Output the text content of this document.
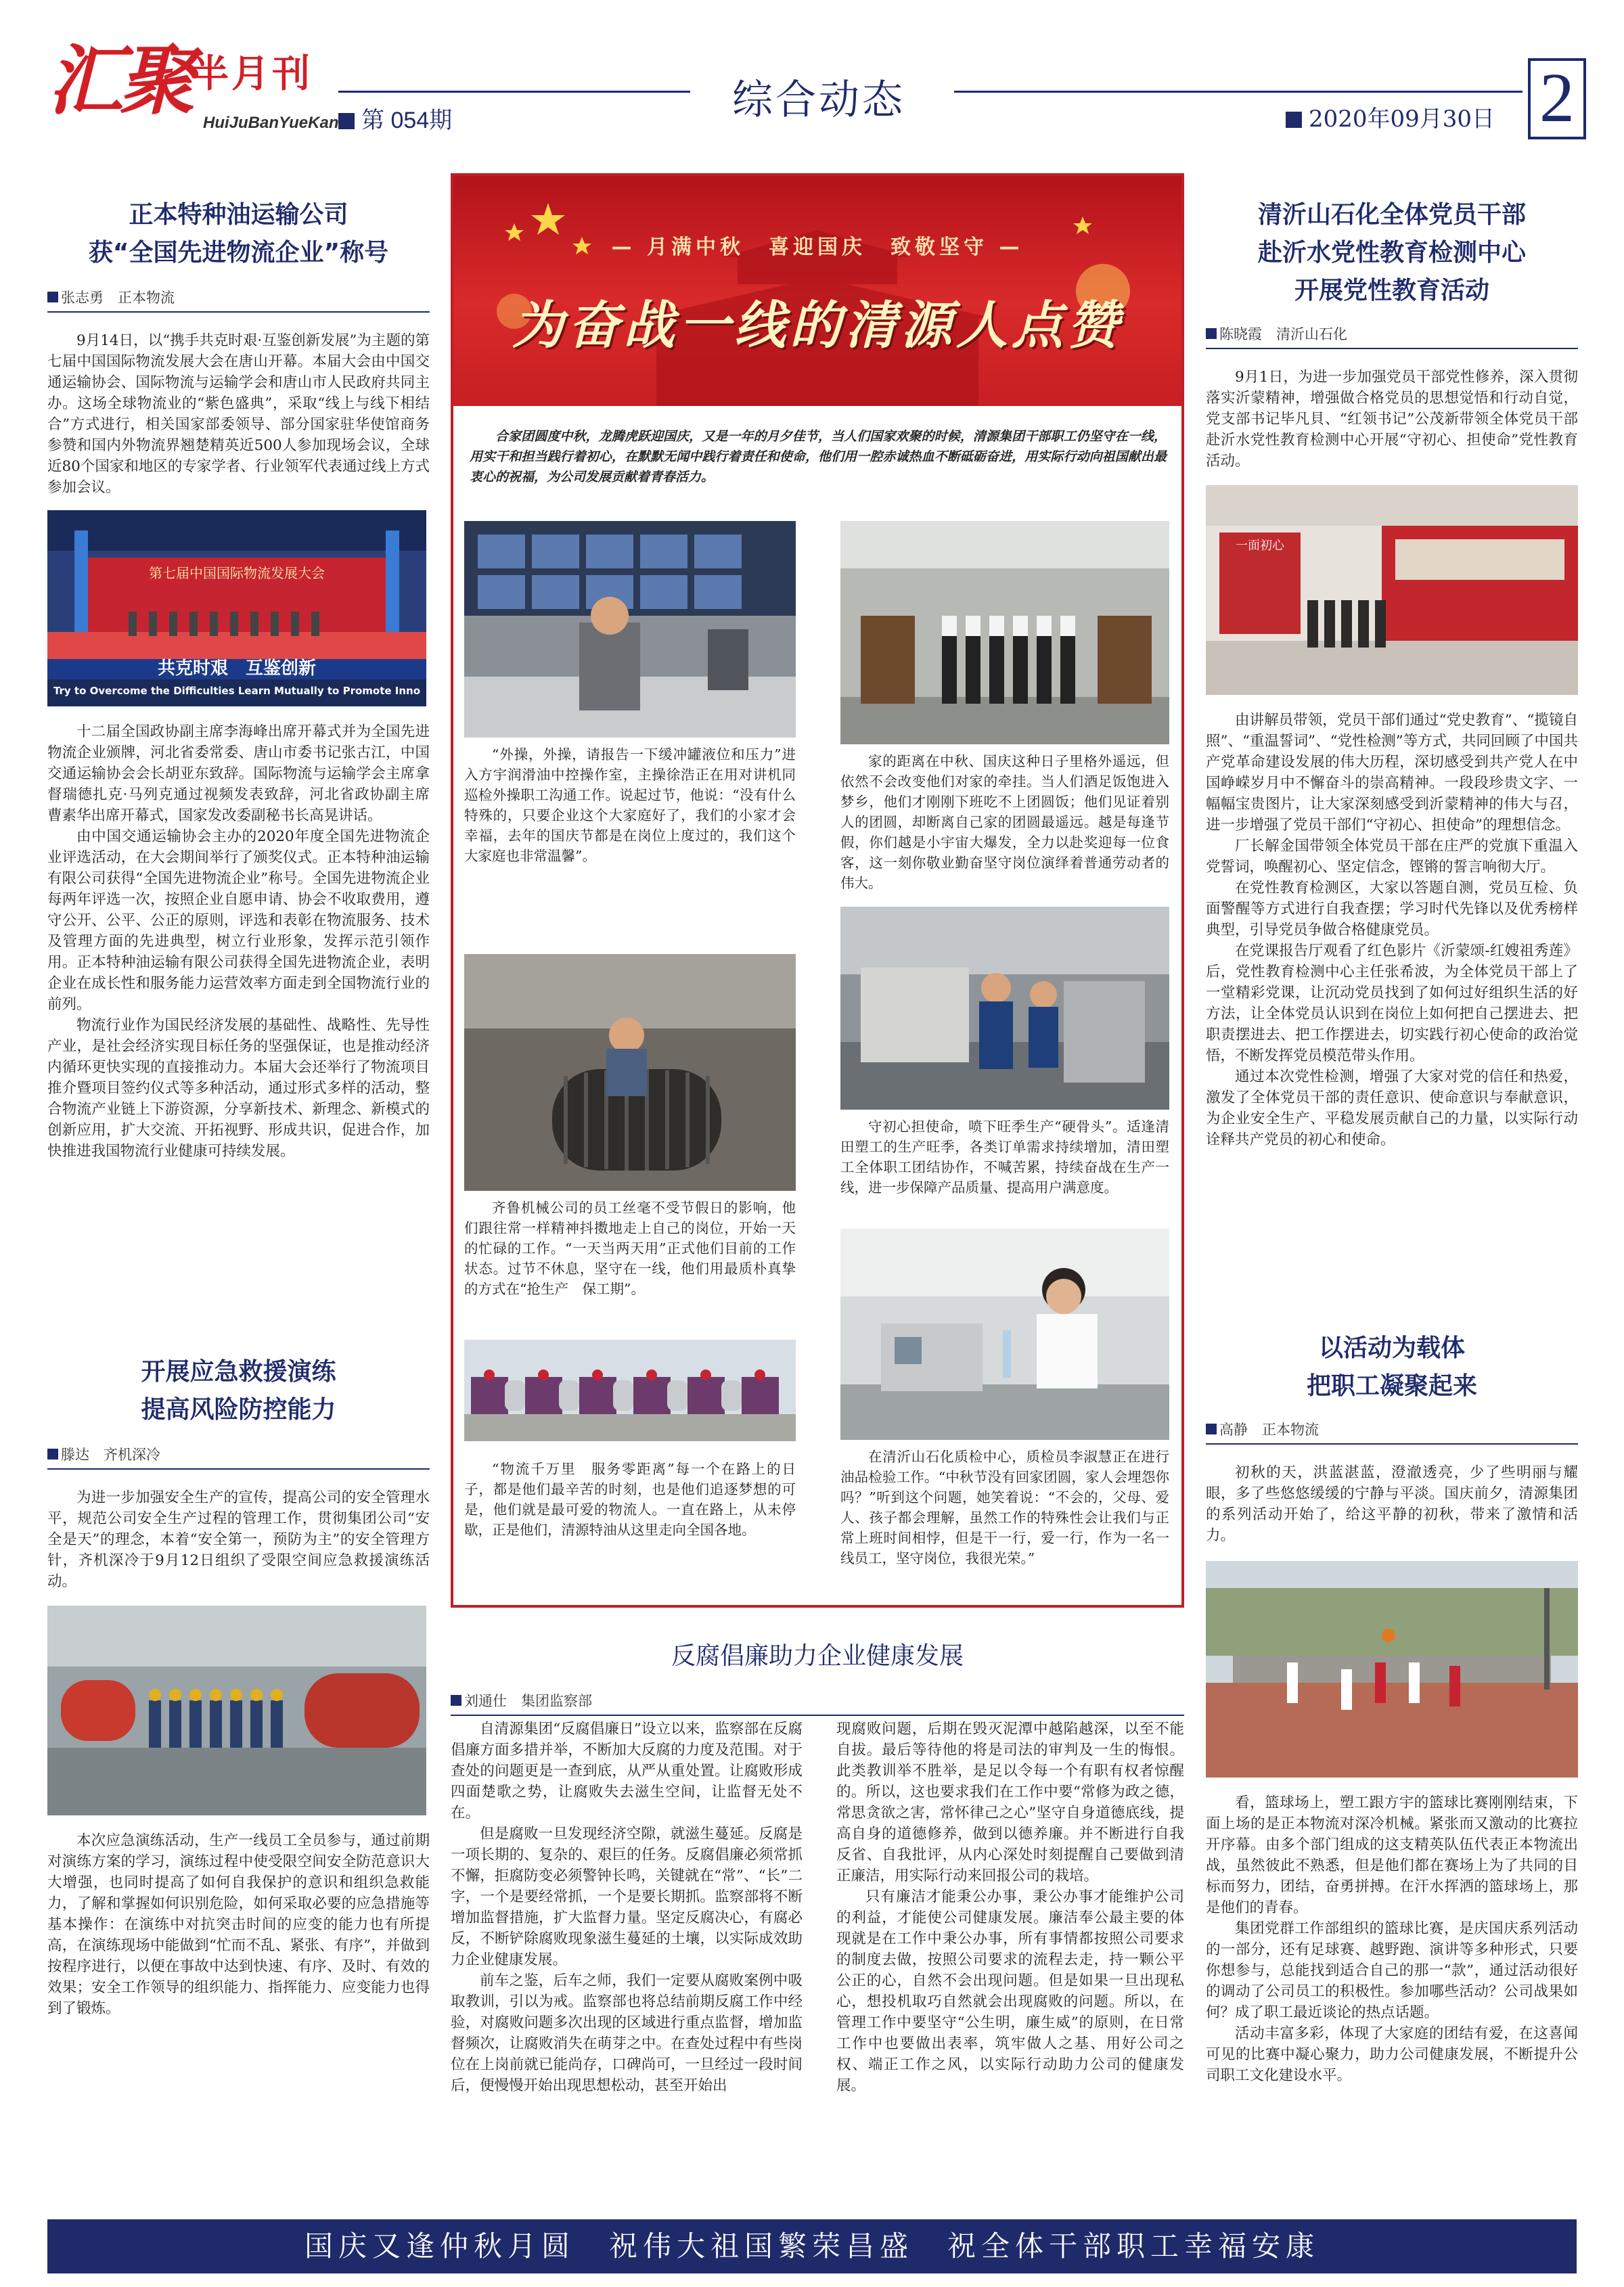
汇聚$^{半月刊}$
HuiJuBanYueKan 第 054期	综合动态	2020年09月30日 2
正本特种油运输公司
获“全国先进物流企业”称号
张志勇　正本物流
9月14日，以“携手共克时艰·互鉴创新发展”为主题的第七届中国国际物流发展大会在唐山开幕。本届大会由中国交通运输协会、国际物流与运输学会和唐山市人民政府共同主办。这场全球物流业的“紫色盛典”，采取“线上与线下相结合”方式进行，相关国家部委领导、部分国家驻华使馆商务参赞和国内外物流界翘楚精英近500人参加现场会议，全球近80个国家和地区的专家学者、行业领军代表通过线上方式参加会议。
第七届中国国际物流发展大会
共克时艰　互鉴创新
Try to Overcome the Difficulties Learn Mutually to Promote Inno
十二届全国政协副主席李海峰出席开幕式并为全国先进物流企业颁牌，河北省委常委、唐山市委书记张古江，中国交通运输协会会长胡亚东致辞。国际物流与运输学会主席拿督瑞德扎克·马列克通过视频发表致辞，河北省政协副主席曹素华出席开幕式，国家发改委副秘书长高晃讲话。
由中国交通运输协会主办的2020年度全国先进物流企业评选活动，在大会期间举行了颁奖仪式。正本特种油运输有限公司获得“全国先进物流企业”称号。全国先进物流企业每两年评选一次，按照企业自愿申请、协会不收取费用，遵守公开、公平、公正的原则，评选和表彰在物流服务、技术及管理方面的先进典型，树立行业形象，发挥示范引领作用。正本特种油运输有限公司获得全国先进物流企业，表明企业在成长性和服务能力运营效率方面走到全国物流行业的前列。
物流行业作为国民经济发展的基础性、战略性、先导性产业，是社会经济实现目标任务的坚强保证，也是推动经济内循环更快实现的直接推动力。本届大会还举行了物流项目推介暨项目签约仪式等多种活动，通过形式多样的活动，整合物流产业链上下游资源，分享新技术、新理念、新模式的创新应用，扩大交流、开拓视野、形成共识，促进合作，加快推进我国物流行业健康可持续发展。
开展应急救援演练
提高风险防控能力
滕达　齐机深冷
为进一步加强安全生产的宣传，提高公司的安全管理水平，规范公司安全生产过程的管理工作，贯彻集团公司“安全是天”的理念，本着“安全第一，预防为主”的安全管理方针，齐机深冷于9月12日组织了受限空间应急救援演练活动。
本次应急演练活动，生产一线员工全员参与，通过前期对演练方案的学习，演练过程中使受限空间安全防范意识大大增强，也同时提高了如何自我保护的意识和组织急救能力，了解和掌握如何识别危险，如何采取必要的应急措施等基本操作：在演练中对抗突击时间的应变的能力也有所提高，在演练现场中能做到“忙而不乱、紧张、有序”，并做到按程序进行，以便在事故中达到快速、有序、及时、有效的效果；安全工作领导的组织能力、指挥能力、应变能力也得到了锻炼。
— 月满中秋　喜迎国庆　致敬坚守 —
为奋战一线的清源人点赞
合家团圆度中秋，龙腾虎跃迎国庆，又是一年的月夕佳节，当人们国家欢聚的时候，清源集团干部职工仍坚守在一线，用实干和担当践行着初心，在默默无闻中践行着责任和使命，他们用一腔赤诚热血不断砥砺奋进，用实际行动向祖国献出最衷心的祝福，为公司发展贡献着青春活力。
“外操，外操，请报告一下缓冲罐液位和压力”进入方宇润滑油中控操作室，主操徐浩正在用对讲机同巡检外操职工沟通工作。说起过节，他说：“没有什么特殊的，只要企业这个大家庭好了，我们的小家才会幸福，去年的国庆节都是在岗位上度过的，我们这个大家庭也非常温馨”。
家的距离在中秋、国庆这种日子里格外遥远，但依然不会改变他们对家的牵挂。当人们酒足饭饱进入梦乡，他们才刚刚下班吃不上团圆饭；他们见证着别人的团圆，却断离自己家的团圆最遥远。越是每逢节假，你们越是小宇宙大爆发，全力以赴奖迎每一位食客，这一刻你敬业勤奋坚守岗位演绎着普通劳动者的伟大。
齐鲁机械公司的员工丝毫不受节假日的影响，他们跟往常一样精神抖擞地走上自己的岗位，开始一天的忙碌的工作。“一天当两天用”正式他们目前的工作状态。过节不休息，坚守在一线，他们用最质朴真挚的方式在“抢生产　保工期”。
守初心担使命，喷下旺季生产“硬骨头”。适逢清田塑工的生产旺季，各类订单需求持续增加，清田塑工全体职工团结协作，不喊苦累，持续奋战在生产一线，进一步保障产品质量、提高用户满意度。
“物流千万里　服务零距离”每一个在路上的日子，都是他们最辛苦的时刻，也是他们追逐梦想的可是，他们就是最可爱的物流人。一直在路上，从未停歇，正是他们，清源特油从这里走向全国各地。
在清沂山石化质检中心，质检员李淑慧正在进行油品检验工作。“中秋节没有回家团圆，家人会埋怨你吗？”听到这个问题，她笑着说：“不会的，父母、爱人、孩子都会理解，虽然工作的特殊性会让我们与正常上班时间相悖，但是干一行，爱一行，作为一名一线员工，坚守岗位，我很光荣。”
反腐倡廉助力企业健康发展
刘通仕　集团监察部
自清源集团“反腐倡廉日”设立以来，监察部在反腐倡廉方面多措并举，不断加大反腐的力度及范围。对于查处的问题更是一查到底，从严从重处置。让腐败形成四面楚歌之势，让腐败失去滋生空间，让监督无处不在。
但是腐败一旦发现经济空隙，就滋生蔓延。反腐是一项长期的、复杂的、艰巨的任务。反腐倡廉必须常抓不懈，拒腐防变必须警钟长鸣，关键就在“常”、“长”二字，一个是要经常抓，一个是要长期抓。监察部将不断增加监督措施，扩大监督力量。坚定反腐决心，有腐必反，不断铲除腐败现象滋生蔓延的土壤，以实际成效助力企业健康发展。
前车之鉴，后车之师，我们一定要从腐败案例中吸取教训，引以为戒。监察部也将总结前期反腐工作中经验，对腐败问题多次出现的区域进行重点监督，增加监督频次，让腐败消失在萌芽之中。在查处过程中有些岗位在上岗前就已能尚存，口碑尚可，一旦经过一段时间后，便慢慢开始出现思想松动，甚至开始出
现腐败问题，后期在毁灭泥潭中越陷越深，以至不能自拔。最后等待他的将是司法的审判及一生的悔恨。此类教训举不胜举，是足以令每一个有职有权者惊醒的。所以，这也要求我们在工作中要“常修为政之德，常思贪欲之害，常怀律己之心”坚守自身道德底线，提高自身的道德修养，做到以德养廉。并不断进行自我反省、自我批评，从内心深处时刻提醒自己要做到清正廉洁，用实际行动来回报公司的栽培。
只有廉洁才能秉公办事，秉公办事才能维护公司的利益，才能使公司健康发展。廉洁奉公最主要的体现就是在工作中秉公办事，所有事情都按照公司要求的制度去做，按照公司要求的流程去走，持一颗公平公正的心，自然不会出现问题。但是如果一旦出现私心，想投机取巧自然就会出现腐败的问题。所以，在管理工作中要坚守“公生明，廉生威”的原则，在日常工作中也要做出表率，筑牢做人之基、用好公司之权、端正工作之风，以实际行动助力公司的健康发展。
清沂山石化全体党员干部
赴沂水党性教育检测中心
开展党性教育活动
陈晓霞　清沂山石化
9月1日，为进一步加强党员干部党性修养，深入贯彻落实沂蒙精神，增强做合格党员的思想觉悟和行动自觉，党支部书记毕凡貝、“红领书记”公茂新带领全体党员干部赴沂水党性教育检测中心开展“守初心、担使命”党性教育活动。
一面初心
由讲解员带领，党员干部们通过“党史教育”、“揽镜自照”、“重温誓词”、“党性检测”等方式，共同回顾了中国共产党革命建设发展的伟大历程，深切感受到共产党人在中国峥嵘岁月中不懈奋斗的崇高精神。一段段珍贵文字、一幅幅宝贵图片，让大家深刻感受到沂蒙精神的伟大与召，进一步增强了党员干部们“守初心、担使命”的理想信念。
厂长解金国带领全体党员干部在庄严的党旗下重温入党誓词，唤醒初心、坚定信念，铿锵的誓言响彻大厅。
在党性教育检测区，大家以答题自测，党员互检、负面警醒等方式进行自我查摆；学习时代先锋以及优秀榜样典型，引导党员争做合格健康党员。
在党课报告厅观看了红色影片《沂蒙颂-红嫂祖秀莲》后，党性教育检测中心主任张希波，为全体党员干部上了一堂精彩党课，让沉动党员找到了如何过好组织生活的好方法，让全体党员认识到在岗位上如何把自己摆进去、把职责摆进去、把工作摆进去，切实践行初心使命的政治觉悟，不断发挥党员模范带头作用。
通过本次党性检测，增强了大家对党的信任和热爱，激发了全体党员干部的责任意识、使命意识与奉献意识，为企业安全生产、平稳发展贡献自己的力量，以实际行动诠释共产党员的初心和使命。
以活动为载体
把职工凝聚起来
高静　正本物流
初秋的天，洪蓝湛蓝，澄澈透亮，少了些明丽与耀眼，多了些悠悠缓缓的宁静与平淡。国庆前夕，清源集团的系列活动开始了，给这平静的初秋，带来了激情和活力。
看，篮球场上，塑工跟方宇的篮球比赛刚刚结束，下面上场的是正本物流对深冷机械。紧张而又激动的比赛拉开序幕。由多个部门组成的这支精英队伍代表正本物流出战，虽然彼此不熟悉，但是他们都在赛场上为了共同的目标而努力，团结，奋勇拼搏。在汗水挥洒的篮球场上，那是他们的青春。
集团党群工作部组织的篮球比赛，是庆国庆系列活动的一部分，还有足球赛、越野跑、演讲等多种形式，只要你想参与，总能找到适合自己的那一“款”，通过活动很好的调动了公司员工的积极性。参加哪些活动？公司战果如何？成了职工最近谈论的热点话题。
活动丰富多彩，体现了大家庭的团结有爱，在这喜闻可见的比赛中凝心聚力，助力公司健康发展，不断提升公司职工文化建设水平。
国庆又逢仲秋月圆　祝伟大祖国繁荣昌盛　祝全体干部职工幸福安康
